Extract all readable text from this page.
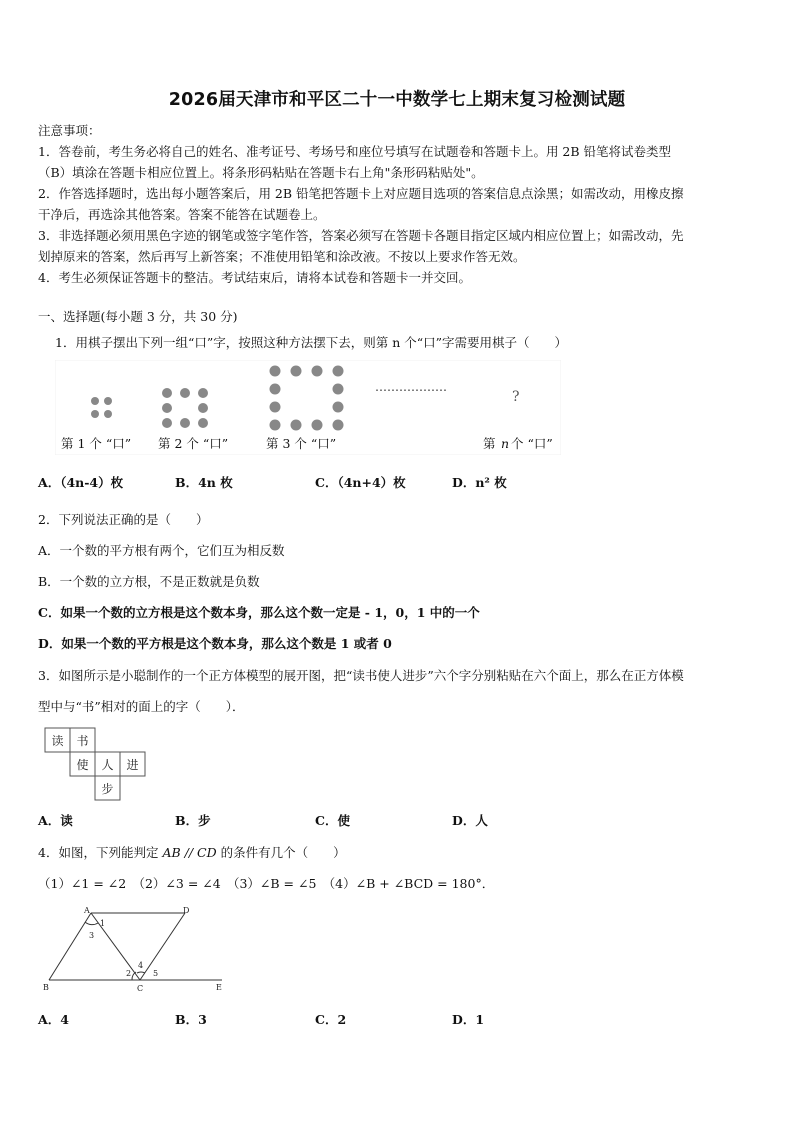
2026届天津市和平区二十一中数学七上期末复习检测试题
注意事项：
1．答卷前，考生务必将自己的姓名、准考证号、考场号和座位号填写在试题卷和答题卡上。用 2B 铅笔将试卷类型
（B）填涂在答题卡相应位置上。将条形码粘贴在答题卡右上角"条形码粘贴处"。
2．作答选择题时，选出每小题答案后，用 2B 铅笔把答题卡上对应题目选项的答案信息点涂黑；如需改动，用橡皮擦
干净后，再选涂其他答案。答案不能答在试题卷上。
3．非选择题必须用黑色字迹的钢笔或签字笔作答，答案必须写在答题卡各题目指定区域内相应位置上；如需改动，先
划掉原来的答案，然后再写上新答案；不准使用铅笔和涂改液。不按以上要求作答无效。
4．考生必须保证答题卡的整洁。考试结束后，请将本试卷和答题卡一并交回。
一、选择题(每小题 3 分，共 30 分)
1．用棋子摆出下列一组“口”字，按照这种方法摆下去，则第 n 个“口”字需要用棋子（　　）
………………
?
第 1 个 “口” 第 2 个 “口”	第 3 个 “口”	第 n 个 “口”
A．（4n-4）枚	B．4n 枚	C．（4n+4）枚	D．n² 枚
2．下列说法正确的是（　　）
A．一个数的平方根有两个，它们互为相反数
B．一个数的立方根，不是正数就是负数
C．如果一个数的立方根是这个数本身，那么这个数一定是 - 1，0，1 中的一个
D．如果一个数的平方根是这个数本身，那么这个数是 1 或者 0
3．如图所示是小聪制作的一个正方体模型的展开图，把“读书使人进步”六个字分别粘贴在六个面上，那么在正方体模
型中与“书”相对的面上的字（　　）．
读 书
使 人 进
步
A．读	B．步	C．使	D．人
4．如图，下列能判定 AB // CD 的条件有几个（　　）
（1）∠1 = ∠2　（2）∠3 = ∠4　（3）∠B = ∠5　（4）∠B + ∠BCD = 180°．
A	D
B	C	E
1
3
2
4
5
A．4	B．3	C．2	D．1
